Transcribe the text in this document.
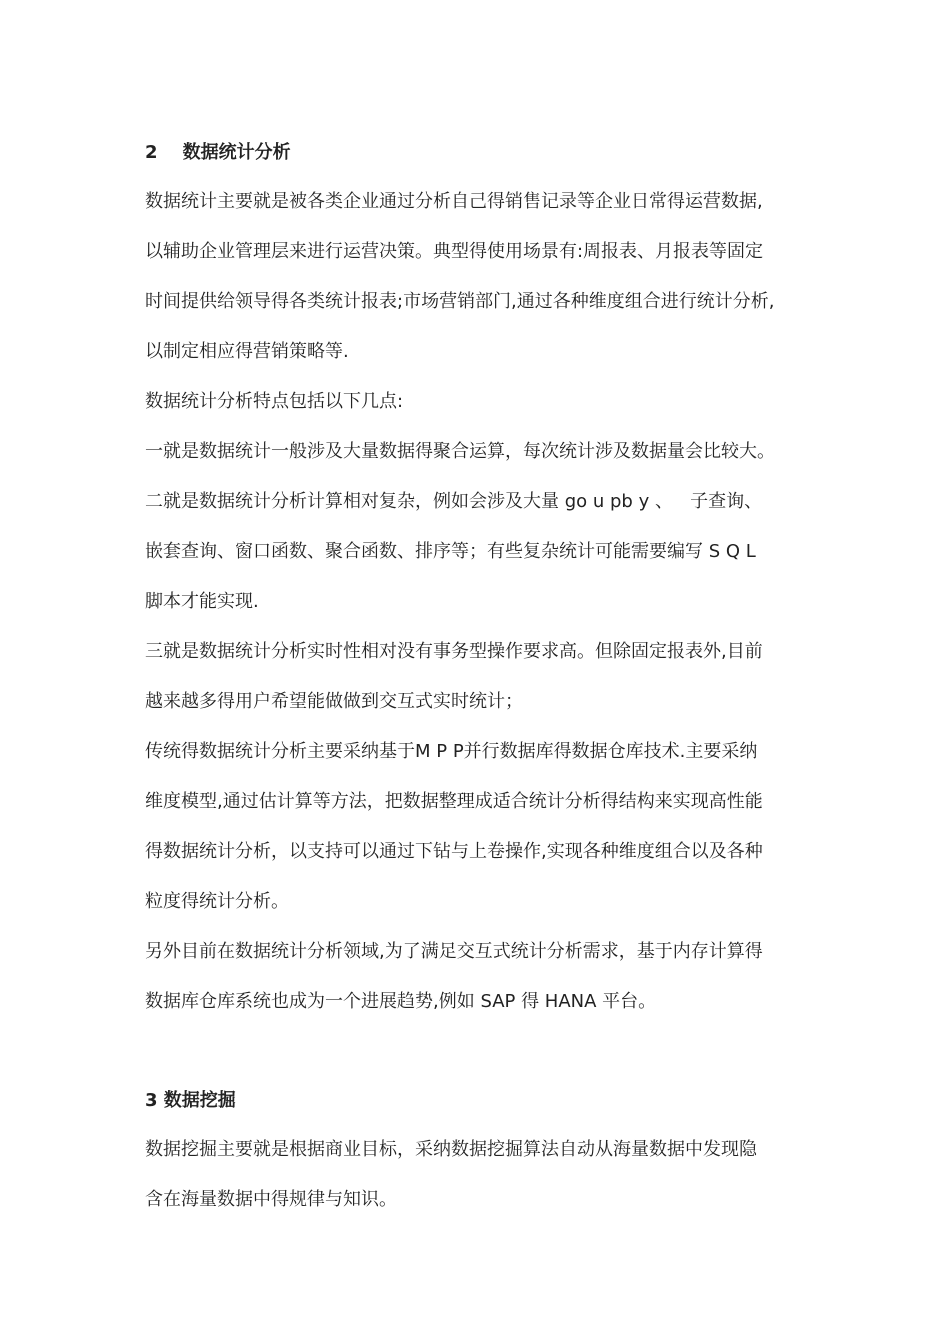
2    数据统计分析
数据统计主要就是被各类企业通过分析自己得销售记录等企业日常得运营数据,
以辅助企业管理层来进行运营决策。典型得使用场景有:周报表、月报表等固定
时间提供给领导得各类统计报表;市场营销部门,通过各种维度组合进行统计分析,
以制定相应得营销策略等.
数据统计分析特点包括以下几点:
一就是数据统计一般涉及大量数据得聚合运算，每次统计涉及数据量会比较大。
二就是数据统计分析计算相对复杂，例如会涉及大量 go u pb y 、   子查询、
嵌套查询、窗口函数、聚合函数、排序等；有些复杂统计可能需要编写 S Q L
脚本才能实现.
三就是数据统计分析实时性相对没有事务型操作要求高。但除固定报表外,目前
越来越多得用户希望能做做到交互式实时统计；
传统得数据统计分析主要采纳基于M P P并行数据库得数据仓库技术.主要采纳
维度模型,通过估计算等方法，把数据整理成适合统计分析得结构来实现高性能
得数据统计分析，以支持可以通过下钻与上卷操作,实现各种维度组合以及各种
粒度得统计分析。
另外目前在数据统计分析领域,为了满足交互式统计分析需求，基于内存计算得
数据库仓库系统也成为一个进展趋势,例如 SAP 得 HANA 平台。
3 数据挖掘
数据挖掘主要就是根据商业目标，采纳数据挖掘算法自动从海量数据中发现隐
含在海量数据中得规律与知识。
